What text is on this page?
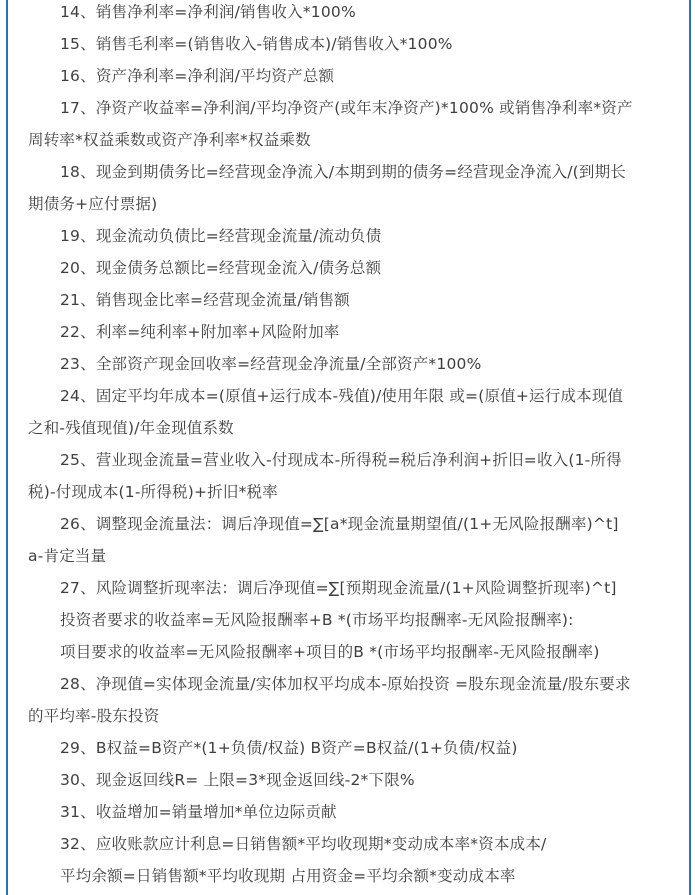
14、销售净利率=净利润/销售收入*100%
15、销售毛利率=(销售收入-销售成本)/销售收入*100%
16、资产净利率=净利润/平均资产总额
17、净资产收益率=净利润/平均净资产(或年末净资产)*100% 或销售净利率*资产
周转率*权益乘数或资产净利率*权益乘数
18、现金到期债务比=经营现金净流入/本期到期的债务=经营现金净流入/(到期长
期债务+应付票据)
19、现金流动负债比=经营现金流量/流动负债
20、现金债务总额比=经营现金流入/债务总额
21、销售现金比率=经营现金流量/销售额
22、利率=纯利率+附加率+风险附加率
23、全部资产现金回收率=经营现金净流量/全部资产*100%
24、固定平均年成本=(原值+运行成本-残值)/使用年限 或=(原值+运行成本现值
之和-残值现值)/年金现值系数
25、营业现金流量=营业收入-付现成本-所得税=税后净利润+折旧=收入(1-所得
税)-付现成本(1-所得税)+折旧*税率
26、调整现金流量法：调后净现值=∑[a*现金流量期望值/(1+无风险报酬率)^t]
a-肯定当量
27、风险调整折现率法：调后净现值=∑[预期现金流量/(1+风险调整折现率)^t]
投资者要求的收益率=无风险报酬率+Β *(市场平均报酬率-无风险报酬率):
项目要求的收益率=无风险报酬率+项目的Β *(市场平均报酬率-无风险报酬率)
28、净现值=实体现金流量/实体加权平均成本-原始投资 =股东现金流量/股东要求
的平均率-股东投资
29、Β权益=Β资产*(1+负债/权益) Β资产=Β权益/(1+负债/权益)
30、现金返回线R= 上限=3*现金返回线-2*下限%
31、收益增加=销量增加*单位边际贡献
32、应收账款应计利息=日销售额*平均收现期*变动成本率*资本成本/
平均余额=日销售额*平均收现期 占用资金=平均余额*变动成本率
